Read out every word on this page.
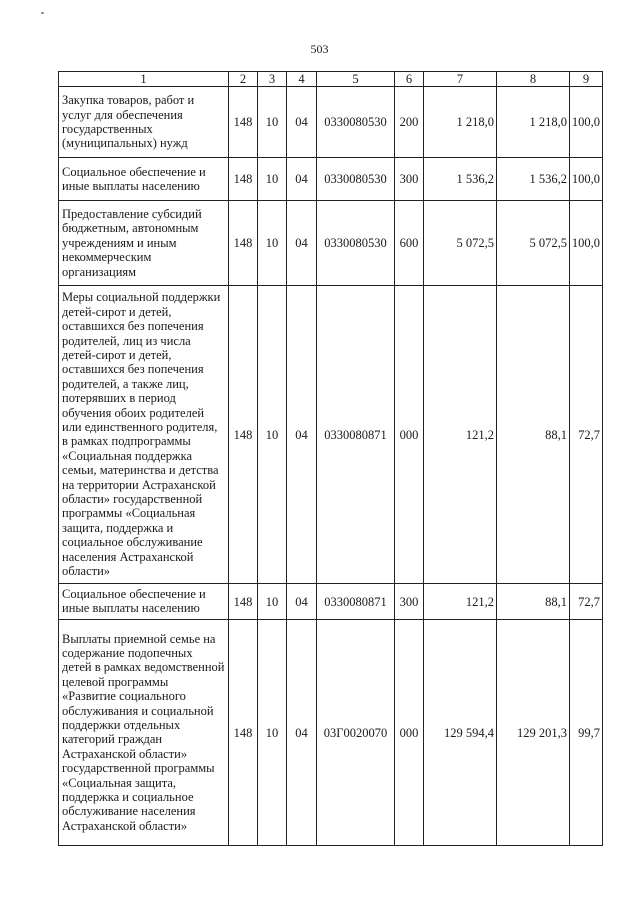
503
1	2	3	4	5	6	7	8	9
Закупка товаров, работ и услуг для обеспечения государственных (муниципальных) нужд	148	10	04	0330080530	200	1 218,0	1 218,0	100,0
Социальное обеспечение и иные выплаты населению	148	10	04	0330080530	300	1 536,2	1 536,2	100,0
Предоставление субсидий бюджетным, автономным учреждениям и иным некоммерческим организациям	148	10	04	0330080530	600	5 072,5	5 072,5	100,0
Меры социальной поддержки детей-сирот и детей, оставшихся без попечения родителей, лиц из числа детей-сирот и детей, оставшихся без попечения родителей, а также лиц, потерявших в период обучения обоих родителей или единственного родителя, в рамках подпрограммы «Социальная поддержка семьи, материнства и детства на территории Астраханской области» государственной программы «Социальная защита, поддержка и социальное обслуживание населения Астраханской области»	148	10	04	0330080871	000	121,2	88,1	72,7
Социальное обеспечение и иные выплаты населению	148	10	04	0330080871	300	121,2	88,1	72,7
Выплаты приемной семье на содержание подопечных детей в рамках ведомственной целевой программы «Развитие социального обслуживания и социальной поддержки отдельных категорий граждан Астраханской области» государственной программы «Социальная защита, поддержка и социальное обслуживание населения Астраханской области»	148	10	04	03Г0020070	000	129 594,4	129 201,3	99,7
